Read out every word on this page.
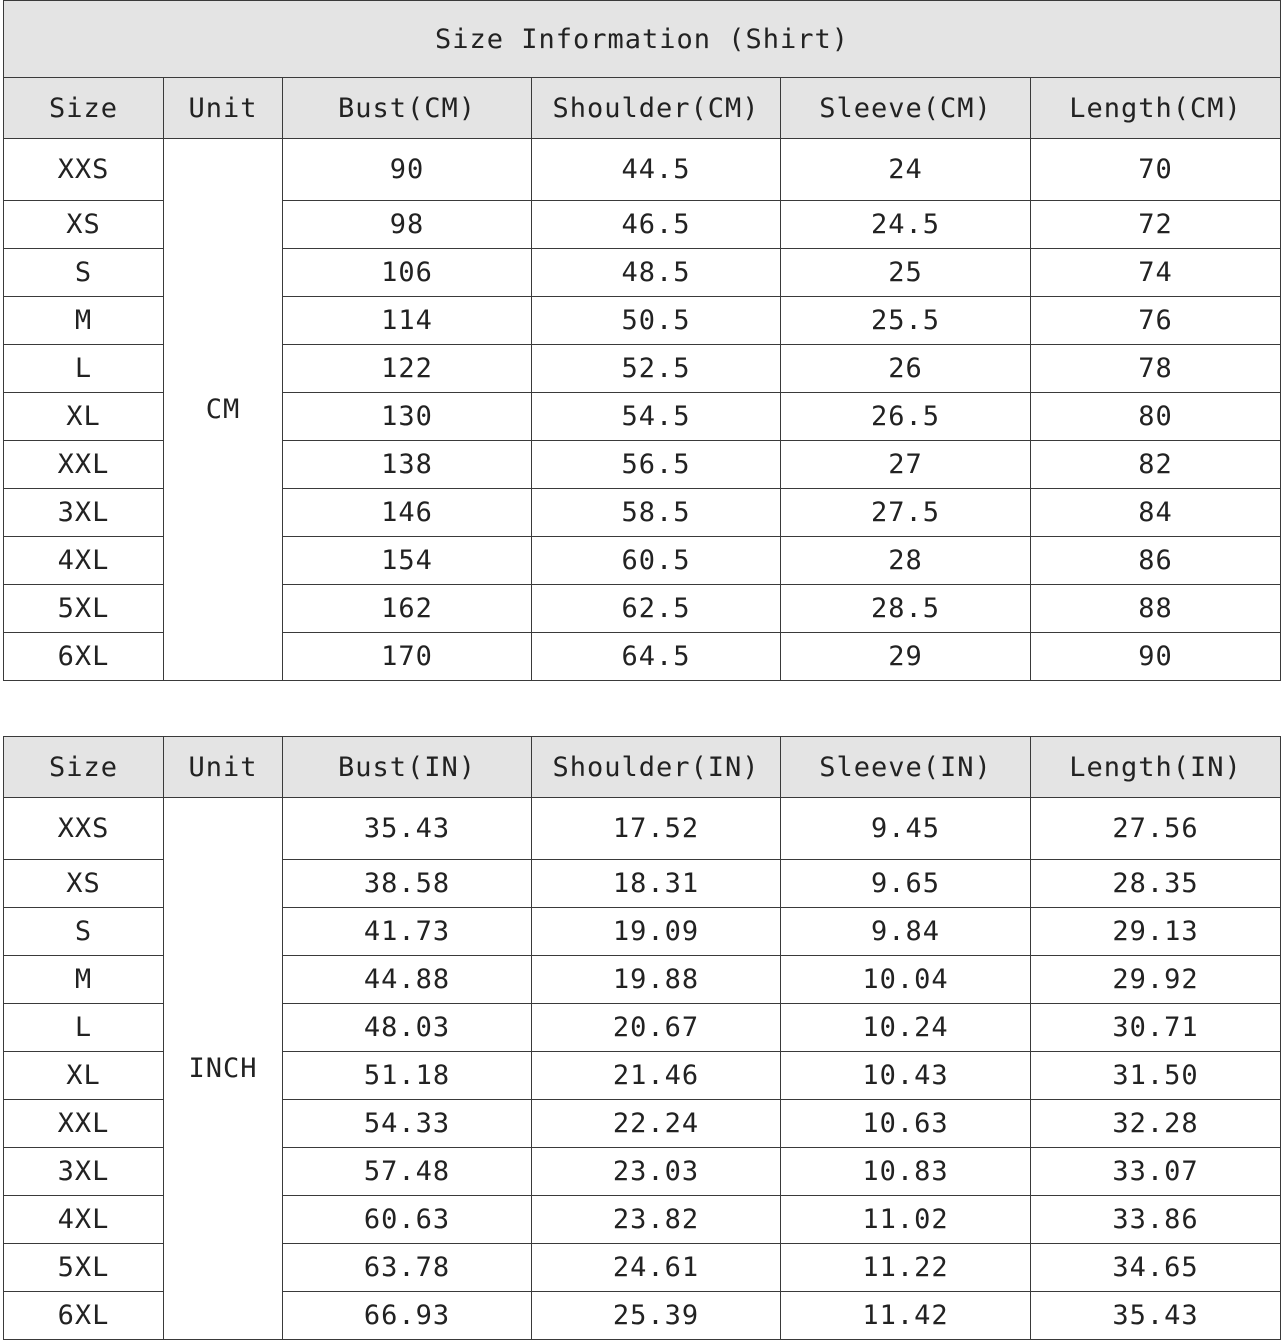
Size Information (Shirt)					
Size	Unit	Bust(CM)	Shoulder(CM)	Sleeve(CM)	Length(CM)
XXS	CM	90	44.5	24	70
XS		98	46.5	24.5	72
S		106	48.5	25	74
M		114	50.5	25.5	76
L		122	52.5	26	78
XL		130	54.5	26.5	80
XXL		138	56.5	27	82
3XL		146	58.5	27.5	84
4XL		154	60.5	28	86
5XL		162	62.5	28.5	88
6XL		170	64.5	29	90
Size	Unit	Bust(IN)	Shoulder(IN)	Sleeve(IN)	Length(IN)
XXS	INCH	35.43	17.52	9.45	27.56
XS		38.58	18.31	9.65	28.35
S		41.73	19.09	9.84	29.13
M		44.88	19.88	10.04	29.92
L		48.03	20.67	10.24	30.71
XL		51.18	21.46	10.43	31.50
XXL		54.33	22.24	10.63	32.28
3XL		57.48	23.03	10.83	33.07
4XL		60.63	23.82	11.02	33.86
5XL		63.78	24.61	11.22	34.65
6XL		66.93	25.39	11.42	35.43
